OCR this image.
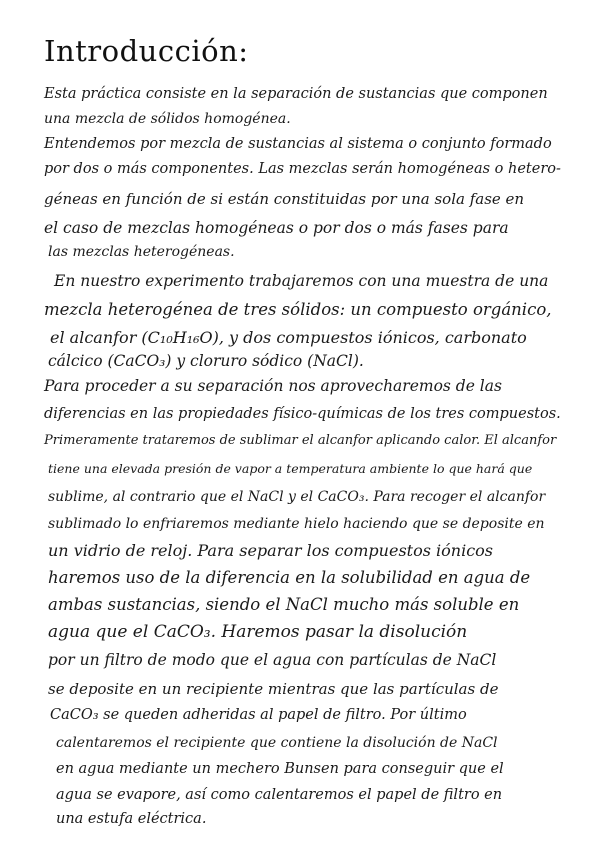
Introducción:
Esta práctica consiste en la separación de sustancias que componen
una mezcla de sólidos homogénea.
Entendemos por mezcla de sustancias al sistema o conjunto formado
por dos o más componentes. Las mezclas serán homogéneas o hetero-
géneas en función de si están constituidas por una sola fase en
el caso de mezclas homogéneas o por dos o más fases para
las mezclas heterogéneas.
En nuestro experimento trabajaremos con una muestra de una
mezcla heterogénea de tres sólidos: un compuesto orgánico,
el alcanfor (C₁₀H₁₆O), y dos compuestos iónicos, carbonato
cálcico (CaCO₃) y cloruro sódico (NaCl).
Para proceder a su separación nos aprovecharemos de las
diferencias en las propiedades físico-químicas de los tres compuestos.
Primeramente trataremos de sublimar el alcanfor aplicando calor. El alcanfor
tiene una elevada presión de vapor a temperatura ambiente lo que hará que
sublime, al contrario que el NaCl y el CaCO₃. Para recoger el alcanfor
sublimado lo enfriaremos mediante hielo haciendo que se deposite en
un vidrio de reloj. Para separar los compuestos iónicos
haremos uso de la diferencia en la solubilidad en agua de
ambas sustancias, siendo el NaCl mucho más soluble en
agua que el CaCO₃. Haremos pasar la disolución
por un filtro de modo que el agua con partículas de NaCl
se deposite en un recipiente mientras que las partículas de
CaCO₃ se queden adheridas al papel de filtro. Por último
calentaremos el recipiente que contiene la disolución de NaCl
en agua mediante un mechero Bunsen para conseguir que el
agua se evapore, así como calentaremos el papel de filtro en
una estufa eléctrica.
